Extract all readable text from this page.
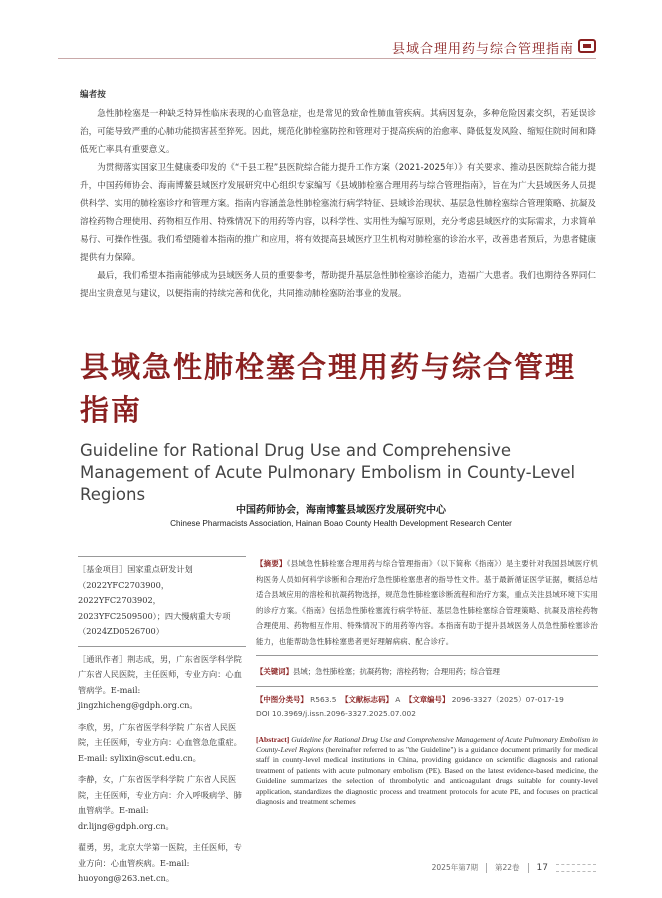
县域合理用药与综合管理指南
编者按

急性肺栓塞是一种缺乏特异性临床表现的心血管急症，也是常见的致命性肺血管疾病。其病因复杂，多种危险因素交织，若延误诊治，可能导致严重的心肺功能损害甚至猝死。因此，规范化肺栓塞防控和管理对于提高疾病的治愈率、降低复发风险、缩短住院时间和降低死亡率具有重要意义。

为贯彻落实国家卫生健康委印发的《“千县工程”县医院综合能力提升工作方案（2021-2025年）》有关要求、推动县医院综合能力提升，中国药师协会、海南博鳌县域医疗发展研究中心组织专家编写《县域肺栓塞合理用药与综合管理指南》，旨在为广大县域医务人员提供科学、实用的肺栓塞诊疗和管理方案。指南内容涵盖急性肺栓塞流行病学特征、县域诊治现状、基层急性肺栓塞综合管理策略、抗凝及溶栓药物合理使用、药物相互作用、特殊情况下的用药等内容，以科学性、实用性为编写原则，充分考虑县域医疗的实际需求，力求简单易行、可操作性强。我们希望随着本指南的推广和应用，将有效提高县域医疗卫生机构对肺栓塞的诊治水平，改善患者预后，为患者健康提供有力保障。

最后，我们希望本指南能够成为县域医务人员的重要参考，帮助提升基层急性肺栓塞诊治能力，造福广大患者。我们也期待各界同仁提出宝贵意见与建议，以便指南的持续完善和优化，共同推动肺栓塞防治事业的发展。

县域急性肺栓塞合理用药与综合管理指南
Guideline for Rational Drug Use and Comprehensive Management of Acute Pulmonary Embolism in County-Level Regions
中国药师协会，海南博鳌县域医疗发展研究中心
Chinese Pharmacists Association, Hainan Boao County Health Development Research Center
［基金项目］国家重点研发计划（2022YFC2703900，2022YFC2703902，2023YFC2509500）；四大慢病重大专项（2024ZD0526700）
［通讯作者］荆志成，男，广东省医学科学院 广东省人民医院，主任医师，专业方向：心血管病学。E-mail: jingzhicheng@gdph.org.cn。
李欣，男，广东省医学科学院 广东省人民医院，主任医师，专业方向：心血管急危重症。E-mail: sylixin@scut.edu.cn。
李静，女，广东省医学科学院 广东省人民医院，主任医师，专业方向：介入呼吸病学、肺血管病学。E-mail: dr.lijng@gdph.org.cn。
翟勇，男，北京大学第一医院，主任医师，专业方向：心血管疾病。E-mail: huoyong@263.net.cn。
【摘要】《县域急性肺栓塞合理用药与综合管理指南》（以下简称《指南》）是主要针对我国县域医疗机构医务人员如何科学诊断和合理治疗急性肺栓塞患者的指导性文件。基于最新循证医学证据，概括总结适合县域应用的溶栓和抗凝药物选择，规范急性肺栓塞诊断流程和治疗方案，重点关注县域环境下实用的诊疗方案。《指南》包括急性肺栓塞流行病学特征、基层急性肺栓塞综合管理策略、抗凝及溶栓药物合理使用、药物相互作用、特殊情况下的用药等内容。本指南有助于提升县域医务人员急性肺栓塞诊治能力，也能帮助急性肺栓塞患者更好理解病病、配合诊疗。
【关键词】县域；急性肺栓塞；抗凝药物；溶栓药物；合理用药；综合管理
【中图分类号】 R563.5 【文献标志码】 A 【文章编号】 2096-3327（2025）07-017-19
DOI 10.3969/j.issn.2096-3327.2025.07.002
[Abstract] Guideline for Rational Drug Use and Comprehensive Management of Acute Pulmonary Embolism in County-Level Regions (hereinafter referred to as "the Guideline") is a guidance document primarily for medical staff in county-level medical institutions in China, providing guidance on scientific diagnosis and rational treatment of patients with acute pulmonary embolism (PE). Based on the latest evidence-based medicine, the Guideline summarizes the selection of thrombolytic and anticoagulant drugs suitable for county-level application, standardizes the diagnostic process and treatment protocols for acute PE, and focuses on practical diagnosis and treatment schemes
2025年第7期 第22卷 17
